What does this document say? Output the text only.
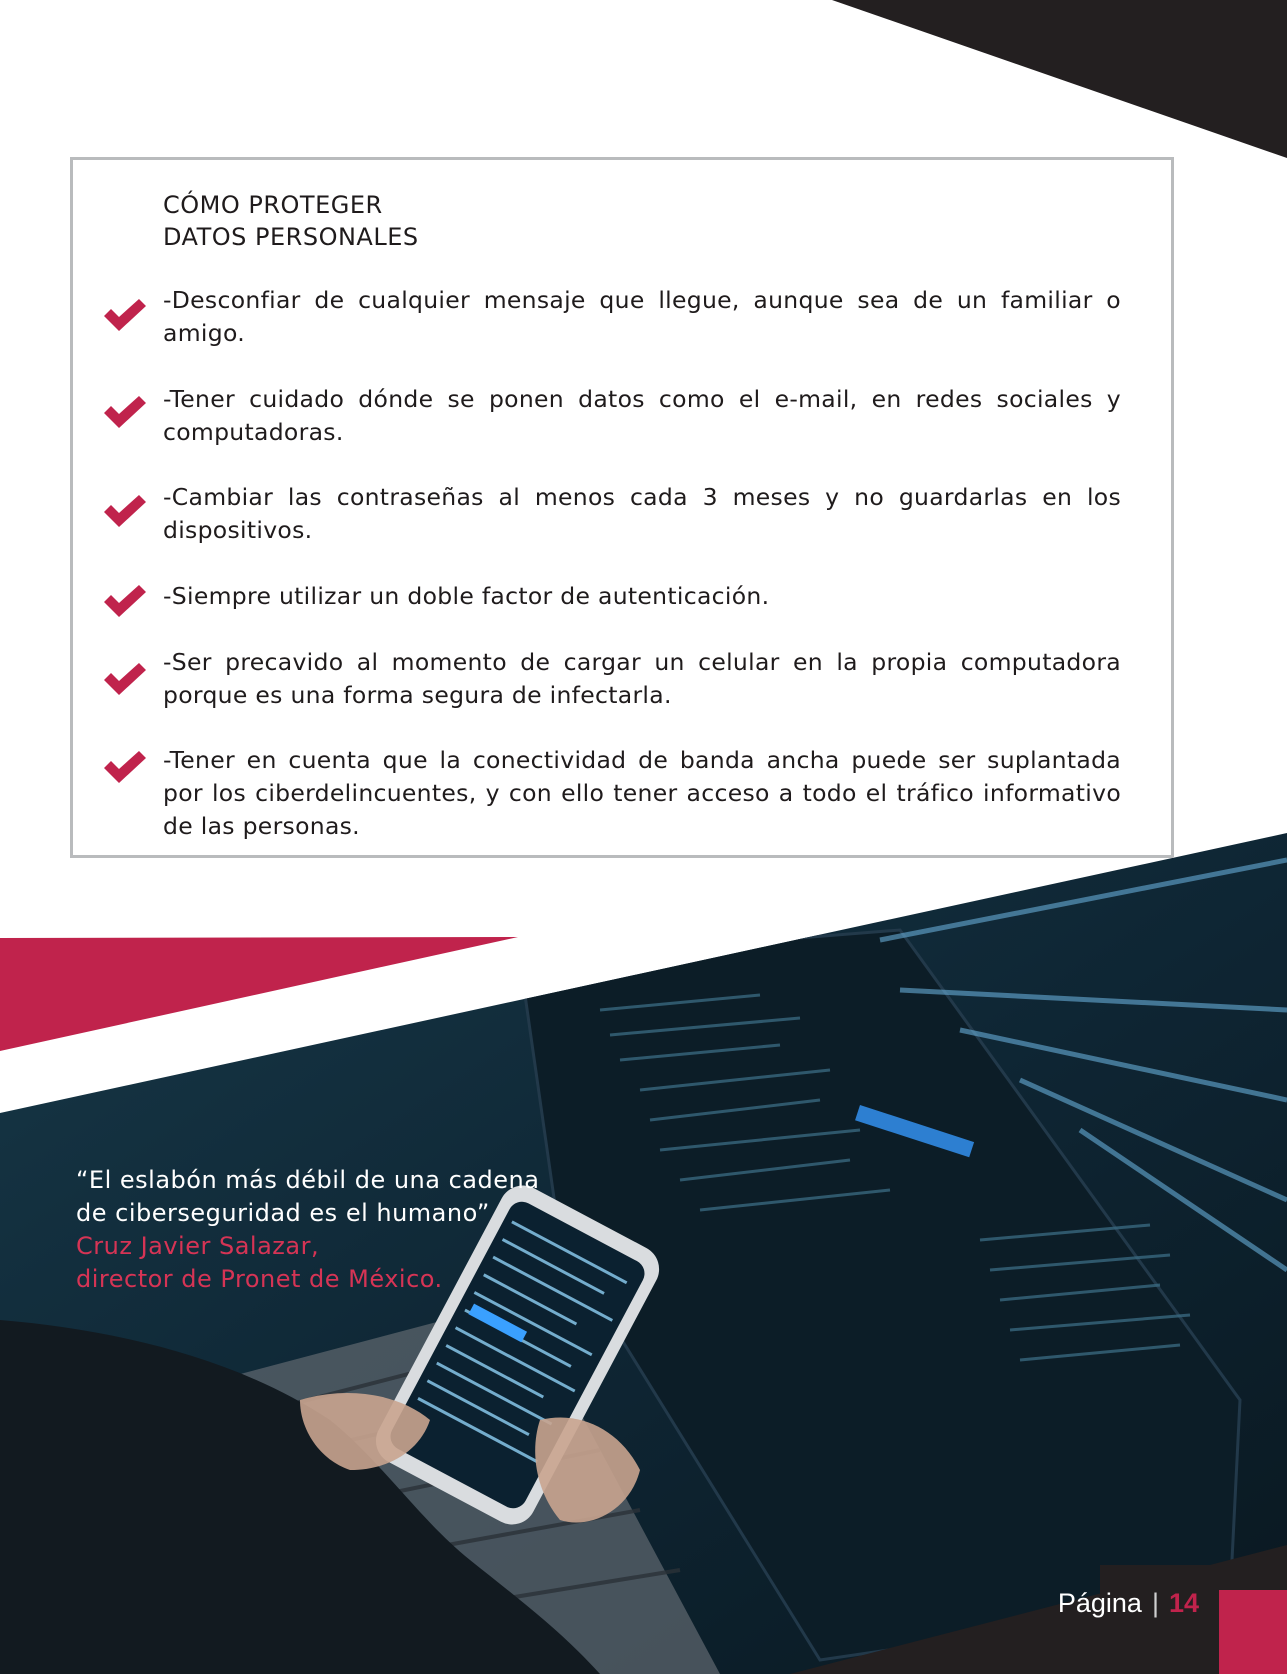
CÓMO PROTEGER
DATOS PERSONALES

-Desconfiar de cualquier mensaje que llegue, aunque sea de un familiar o amigo.

-Tener cuidado dónde se ponen datos como el e-mail, en redes sociales y computadoras.

-Cambiar las contraseñas al menos cada 3 meses y no guardarlas en los dispositivos.

-Siempre utilizar un doble factor de autenticación.

-Ser precavido al momento de cargar un celular en la propia computadora porque es una forma segura de infectarla.

-Tener en cuenta que la conectividad de banda ancha puede ser suplantada por los ciberdelincuentes, y con ello tener acceso a todo el tráfico informativo de las personas.

“El eslabón más débil de una cadena
de ciberseguridad es el humano”
Cruz Javier Salazar,
director de Pronet de México.
Página | 14
